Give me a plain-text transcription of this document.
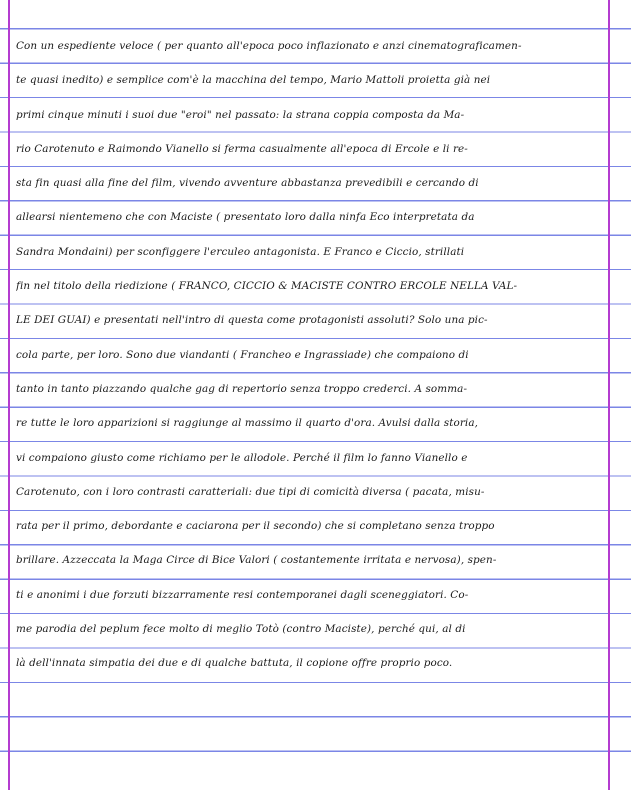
Con un espediente veloce ( per quanto all'epoca poco inflazionato e anzi cinematograficamen-
te quasi inedito) e semplice com'è la macchina del tempo, Mario Mattoli proietta già nei
primi cinque minuti i suoi due "eroi" nel passato: la strana coppia composta da Ma-
rio Carotenuto e Raimondo Vianello si ferma casualmente all'epoca di Ercole e li re-
sta fin quasi alla fine del film, vivendo avventure abbastanza prevedibili e cercando di
allearsi nientemeno che con Maciste ( presentato loro dalla ninfa Eco interpretata da
Sandra Mondaini) per sconfiggere l'erculeo antagonista. E Franco e Ciccio, strillati
fin nel titolo della riedizione ( FRANCO, CICCIO & MACISTE CONTRO ERCOLE NELLA VAL-
LE DEI GUAI) e presentati nell'intro di questa come protagonisti assoluti? Solo una pic-
cola parte, per loro. Sono due viandanti ( Francheo e Ingrassiade) che compaiono di
tanto in tanto piazzando qualche gag di repertorio senza troppo crederci. A somma-
re tutte le loro apparizioni si raggiunge al massimo il quarto d'ora. Avulsi dalla storia,
vi compaiono giusto come richiamo per le allodole. Perché il film lo fanno Vianello e
Carotenuto, con i loro contrasti caratteriali: due tipi di comicità diversa ( pacata, misu-
rata per il primo, debordante e caciarona per il secondo) che si completano senza troppo
brillare. Azzeccata la Maga Circe di Bice Valori ( costantemente irritata e nervosa), spen-
ti e anonimi i due forzuti bizzarramente resi contemporanei dagli sceneggiatori. Co-
me parodia del peplum fece molto di meglio Totò (contro Maciste), perché qui, al di
là dell'innata simpatia dei due e di qualche battuta, il copione offre proprio poco.
